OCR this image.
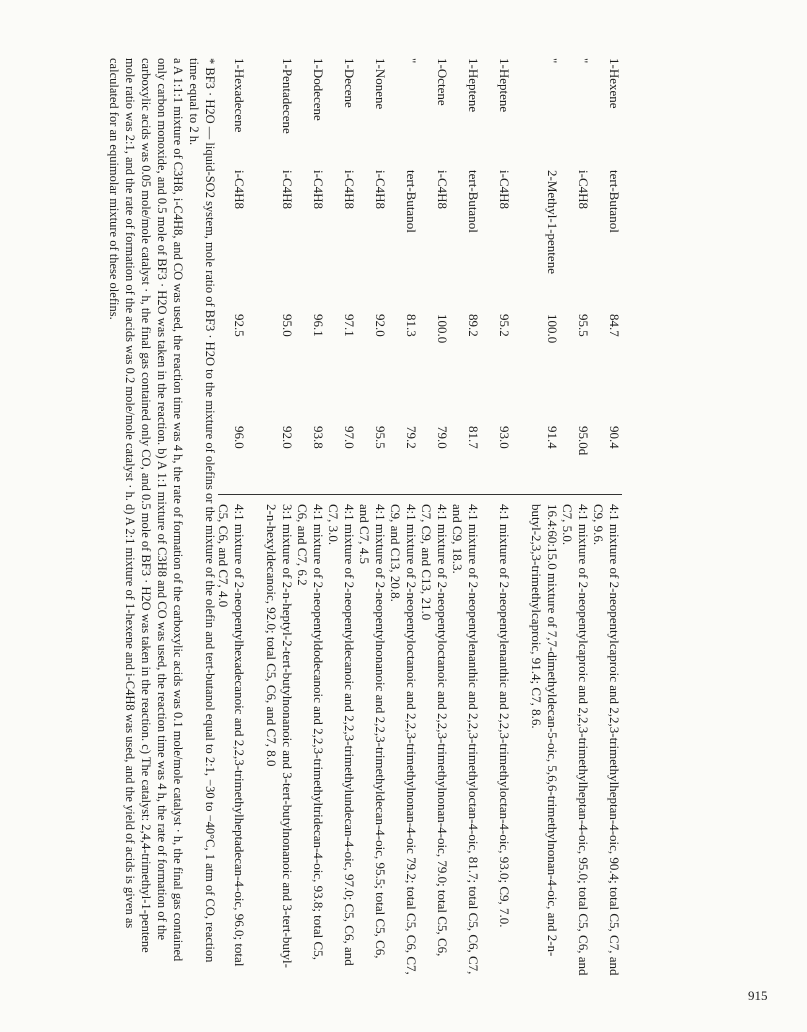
1-Hexene
tert-Butanol
84.7
90.4
4:1 mixture of 2-neopentylcaproic and 2,2,3-trimethylheptan-4-oic, 90.4; total C5, C7, and C9, 9.6.
"
i-C4H8
95.5
95.0d
4:1 mixture of 2-neopentylcaproic and 2,2,3-trimethylheptan-4-oic, 95.0; total C5, C6, and C7, 5.0.
"
2-Methyl-1-pentene
100.0
91.4
16.4:60:15.0 mixture of 7,7-dimethyldecan-5-oic, 5,6,6-trimethylnonan-4-oic, and 2-n-butyl-2,3,3-trimethylcaproic, 91.4; C7, 8.6.
1-Heptene
i-C4H8
95.2
93.0
4:1 mixture of 2-neopentylenanthic and 2,2,3-trimethyloctan-4-oic, 93.0; C9, 7.0.
1-Heptene
tert-Butanol
89.2
81.7
4:1 mixture of 2-neopentylenanthic and 2,2,3-trimethyloctan-4-oic, 81.7; total C5, C6, C7, and C9, 18.3.
1-Octene
i-C4H8
100.0
79.0
4:1 mixture of 2-neopentyloctanoic and 2,2,3-trimethylnonan-4-oic, 79.0; total C5, C6, C7, C9, and C13, 21.0
"
tert-Butanol
81.3
79.2
4:1 mixture of 2-neopentyloctanoic and 2,2,3-trimethylnonan-4-oic 79.2; total C5, C6, C7, C9, and C13, 20.8.
1-Nonene
i-C4H8
92.0
95.5
4:1 mixture of 2-neopentylnonanoic and 2,2,3-trimethyldecan-4-oic, 95.5; total C5, C6, and C7, 4.5
1-Decene
i-C4H8
97.1
97.0
4:1 mixture of 2-neopentyldecanoic and 2,2,3-trimethylundecan-4-oic, 97.0; C5, C6, and C7, 3.0.
1-Dodecene
i-C4H8
96.1
93.8
4:1 mixture of 2-neopentyldodecanoic and 2,2,3-trimethyltridecan-4-oic, 93.8; total C5, C6, and C7, 6.2
1-Pentadecene
i-C4H8
95.0
92.0
3:1 mixture of 2-n-heptyl-2-tert-butylnonanoic and 3-tert-butylnonanoic and 3-tert-butyl-2-n-hexyldecanoic, 92.0; total C5, C6, and C7, 8.0
1-Hexadecene
i-C4H8
92.5
96.0
4:1 mixture of 2-neopentylhexadecanoic and 2,2,3-trimethylheptadecan-4-oic, 96.0; total C5, C6, and C7, 4.0

* BF3 · H2O — liquid-SO2 system, mole ratio of BF3 · H2O to the mixture of olefins or the mixture of the olefin and tert-butanol equal to 2:1, −30 to −40°C, 1 atm of CO, reaction time equal to 2 h.

a A 1:1:1 mixture of C3H8, i-C4H8, and CO was used, the reaction time was 4 h, the rate of formation of the carboxylic acids was 0.1 mole/mole catalyst · h, the final gas contained only carbon monoxide, and 0.5 mole of BF3 · H2O was taken in the reaction. b) A 1:1 mixture of C3H8 and CO was used, the reaction time was 4 h, the rate of formation of the carboxylic acids was 0.05 mole/mole catalyst · h, the final gas contained only CO, and 0.5 mole of BF3 · H2O was taken in the reaction. c) The catalyst: 2,4,4-trimethyl-1-pentene mole ratio was 2:1, and the rate of formation of the acids was 0.2 mole/mole catalyst · h. d) A 2:1 mixture of 1-hexene and i-C4H8 was used, and the yield of acids is given as calculated for an equimolar mixture of these olefins.

915
